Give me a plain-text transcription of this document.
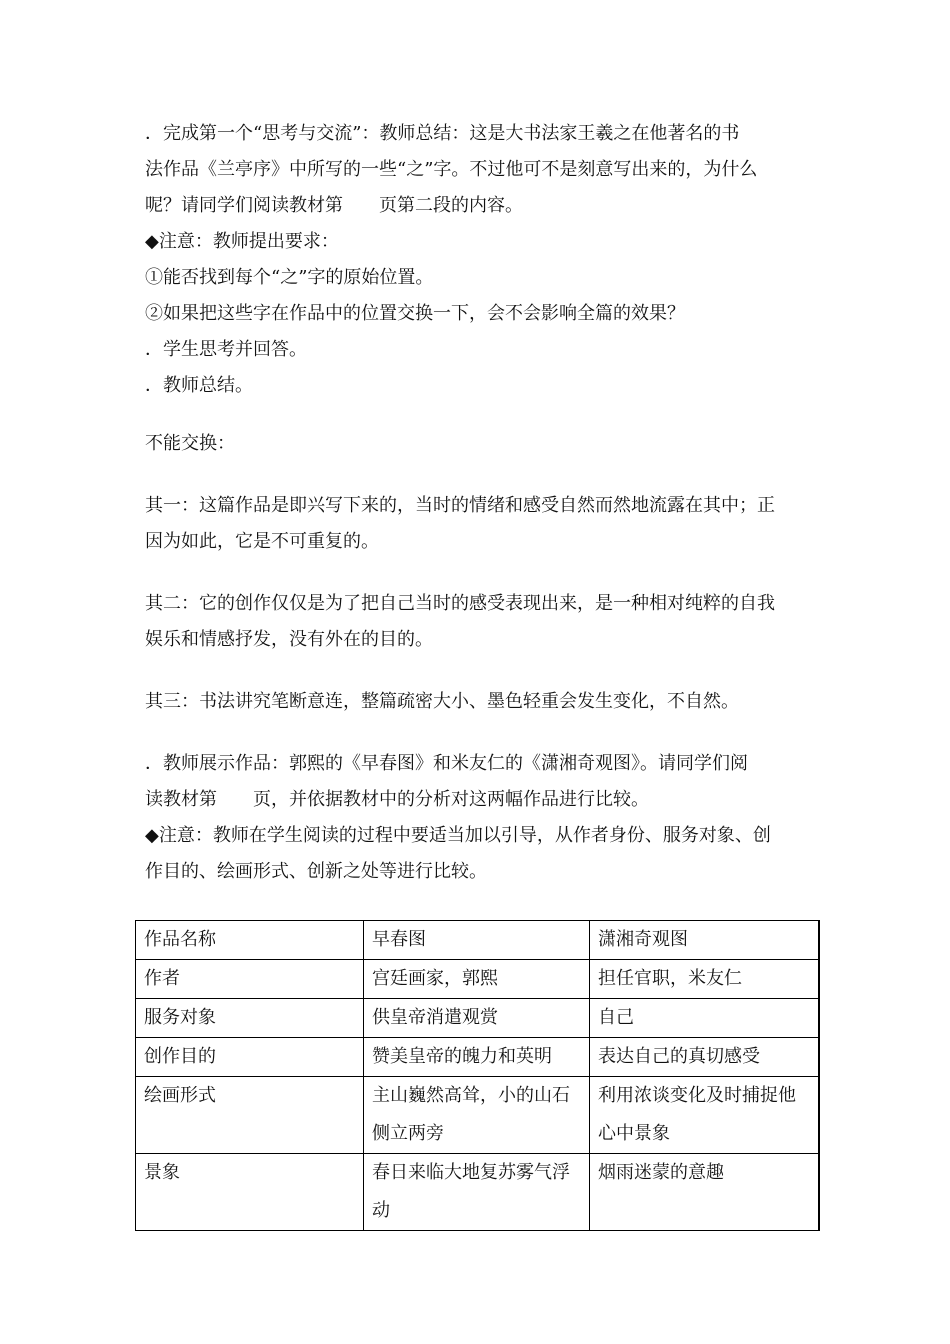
．完成第一个“思考与交流”：教师总结：这是大书法家王羲之在他著名的书
法作品《兰亭序》中所写的一些“之”字。不过他可不是刻意写出来的，为什么
呢？请同学们阅读教材第　　页第二段的内容。
◆注意：教师提出要求：
①能否找到每个“之”字的原始位置。
②如果把这些字在作品中的位置交换一下，会不会影响全篇的效果？
．学生思考并回答。
．教师总结。
不能交换：
其一：这篇作品是即兴写下来的，当时的情绪和感受自然而然地流露在其中；正
因为如此，它是不可重复的。
其二：它的创作仅仅是为了把自己当时的感受表现出来，是一种相对纯粹的自我
娱乐和情感抒发，没有外在的目的。
其三：书法讲究笔断意连，整篇疏密大小、墨色轻重会发生变化，不自然。
．教师展示作品：郭熙的《早春图》和米友仁的《潇湘奇观图》。请同学们阅
读教材第　　页，并依据教材中的分析对这两幅作品进行比较。
◆注意：教师在学生阅读的过程中要适当加以引导，从作者身份、服务对象、创
作目的、绘画形式、创新之处等进行比较。
作品名称	早春图	潇湘奇观图
作者	宫廷画家，郭熙	担任官职，米友仁
服务对象	供皇帝消遣观赏	自己
创作目的	赞美皇帝的魄力和英明	表达自己的真切感受
绘画形式	主山巍然高耸，小的山石侧立两旁	利用浓谈变化及时捕捉他心中景象
景象	春日来临大地复苏雾气浮动	烟雨迷蒙的意趣
